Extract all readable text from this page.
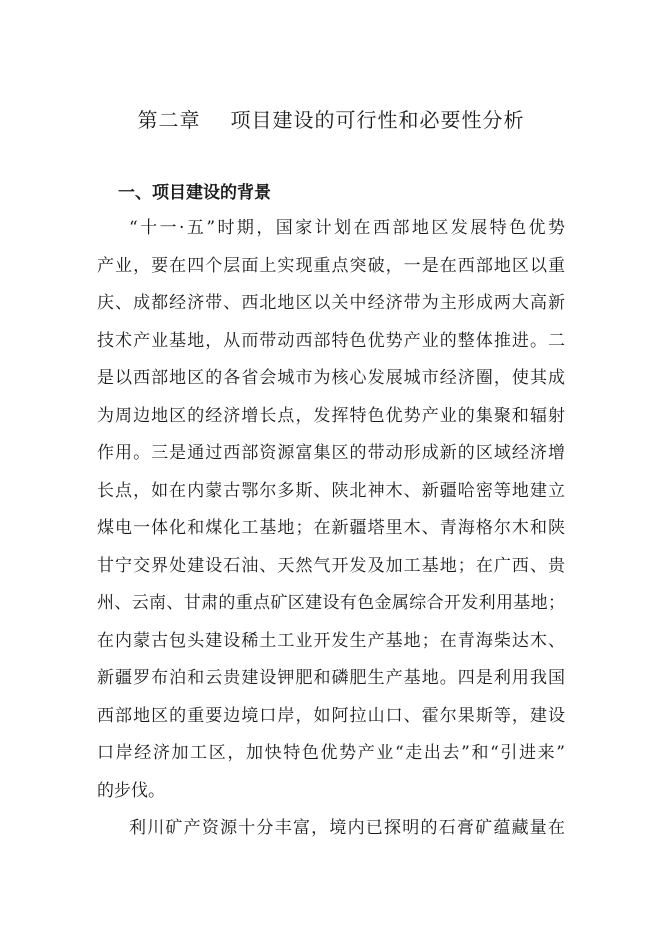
第二章 项目建设的可行性和必要性分析
一、项目建设的背景
“十一·五”时期，国家计划在西部地区发展特色优势
产业，要在四个层面上实现重点突破，一是在西部地区以重
庆、成都经济带、西北地区以关中经济带为主形成两大高新
技术产业基地，从而带动西部特色优势产业的整体推进。二
是以西部地区的各省会城市为核心发展城市经济圈，使其成
为周边地区的经济增长点，发挥特色优势产业的集聚和辐射
作用。三是通过西部资源富集区的带动形成新的区域经济增
长点，如在内蒙古鄂尔多斯、陕北神木、新疆哈密等地建立
煤电一体化和煤化工基地；在新疆塔里木、青海格尔木和陕
甘宁交界处建设石油、天然气开发及加工基地；在广西、贵
州、云南、甘肃的重点矿区建设有色金属综合开发利用基地；
在内蒙古包头建设稀土工业开发生产基地；在青海柴达木、
新疆罗布泊和云贵建设钾肥和磷肥生产基地。四是利用我国
西部地区的重要边境口岸，如阿拉山口、霍尔果斯等，建设
口岸经济加工区，加快特色优势产业“走出去”和“引进来”
的步伐。
利川矿产资源十分丰富，境内已探明的石膏矿蕴藏量在
